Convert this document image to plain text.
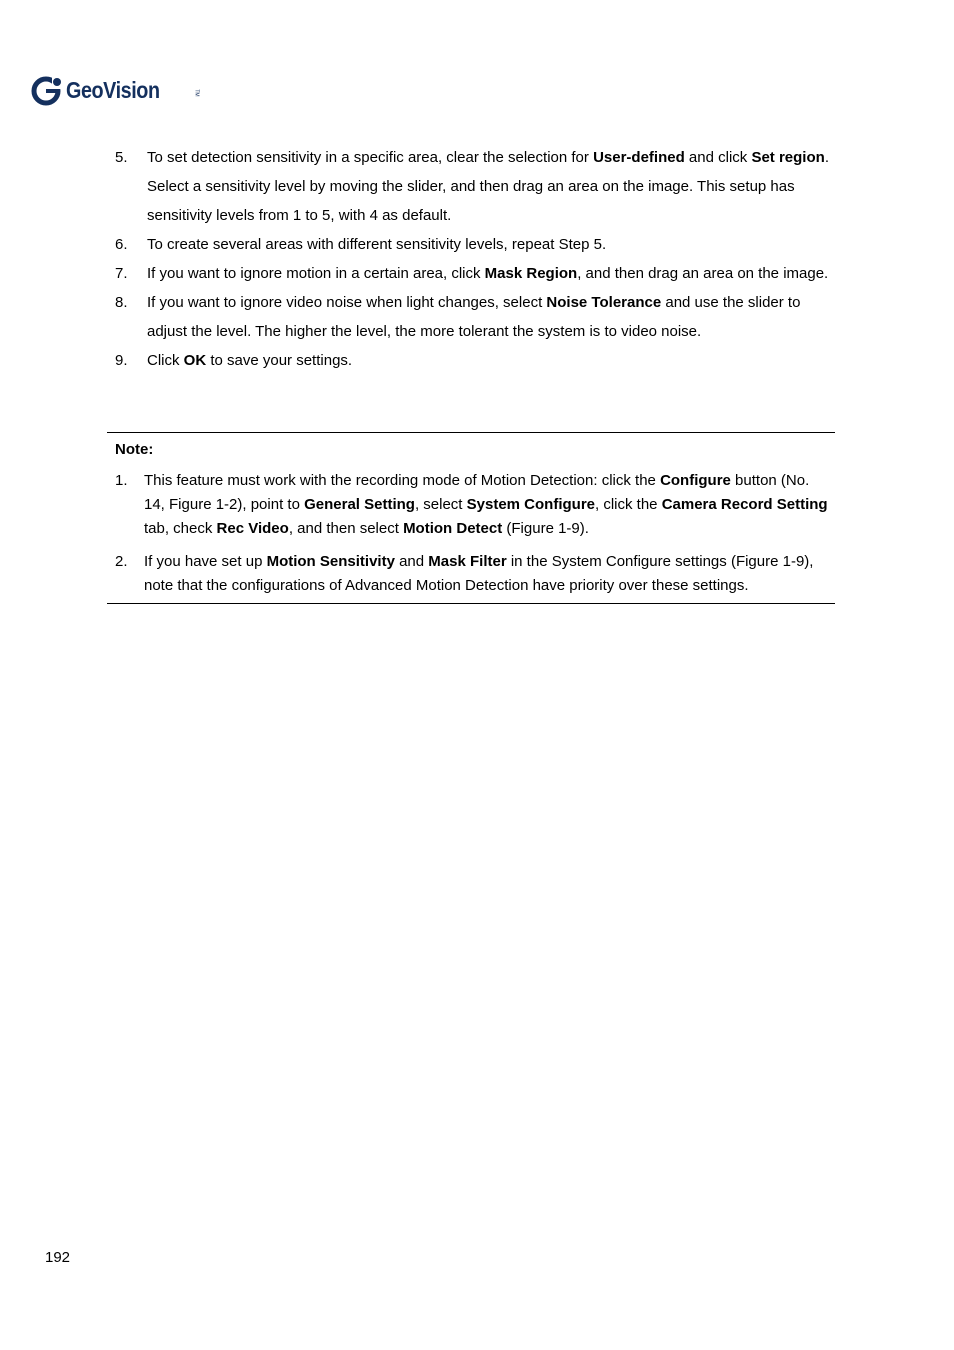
GeoVision	TM
5. To set detection sensitivity in a specific area, clear the selection for User-defined and click Set region. Select a sensitivity level by moving the slider, and then drag an area on the image. This setup has sensitivity levels from 1 to 5, with 4 as default.
6. To create several areas with different sensitivity levels, repeat Step 5.
7. If you want to ignore motion in a certain area, click Mask Region, and then drag an area on the image.
8. If you want to ignore video noise when light changes, select Noise Tolerance and use the slider to adjust the level. The higher the level, the more tolerant the system is to video noise.
9. Click OK to save your settings.
Note:
1. This feature must work with the recording mode of Motion Detection: click the Configure button (No. 14, Figure 1-2), point to General Setting, select System Configure, click the Camera Record Setting tab, check Rec Video, and then select Motion Detect (Figure 1-9).
2. If you have set up Motion Sensitivity and Mask Filter in the System Configure settings (Figure 1-9), note that the configurations of Advanced Motion Detection have priority over these settings.
192
